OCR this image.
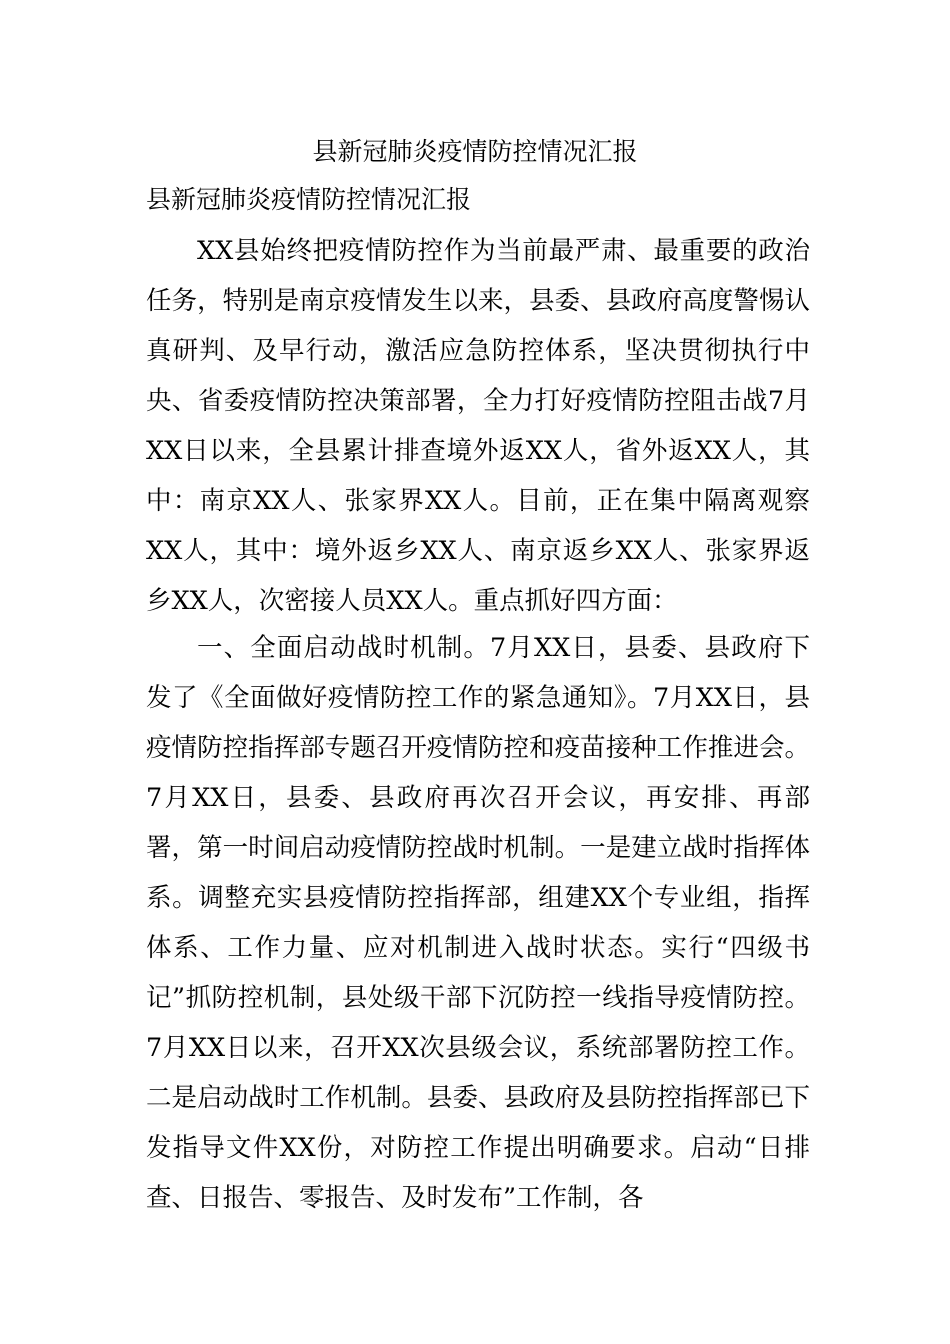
县新冠肺炎疫情防控情况汇报
县新冠肺炎疫情防控情况汇报

XX县始终把疫情防控作为当前最严肃、最重要的政治任务，特别是南京疫情发生以来，县委、县政府高度警惕认真研判、及早行动，激活应急防控体系，坚决贯彻执行中央、省委疫情防控决策部署，全力打好疫情防控阻击战7月XX日以来，全县累计排查境外返XX人，省外返XX人，其中：南京XX人、张家界XX人。目前，正在集中隔离观察XX人，其中：境外返乡XX人、南京返乡XX人、张家界返乡XX人，次密接人员XX人。重点抓好四方面：

一、全面启动战时机制。7月XX日，县委、县政府下发了《全面做好疫情防控工作的紧急通知》。7月XX日，县疫情防控指挥部专题召开疫情防控和疫苗接种工作推进会。7月XX日，县委、县政府再次召开会议，再安排、再部署，第一时间启动疫情防控战时机制。一是建立战时指挥体系。调整充实县疫情防控指挥部，组建XX个专业组，指挥体系、工作力量、应对机制进入战时状态。实行“四级书记”抓防控机制，县处级干部下沉防控一线指导疫情防控。7月XX日以来，召开XX次县级会议，系统部署防控工作。二是启动战时工作机制。县委、县政府及县防控指挥部已下发指导文件XX份，对防控工作提出明确要求。启动“日排查、日报告、零报告、及时发布”工作制，各
